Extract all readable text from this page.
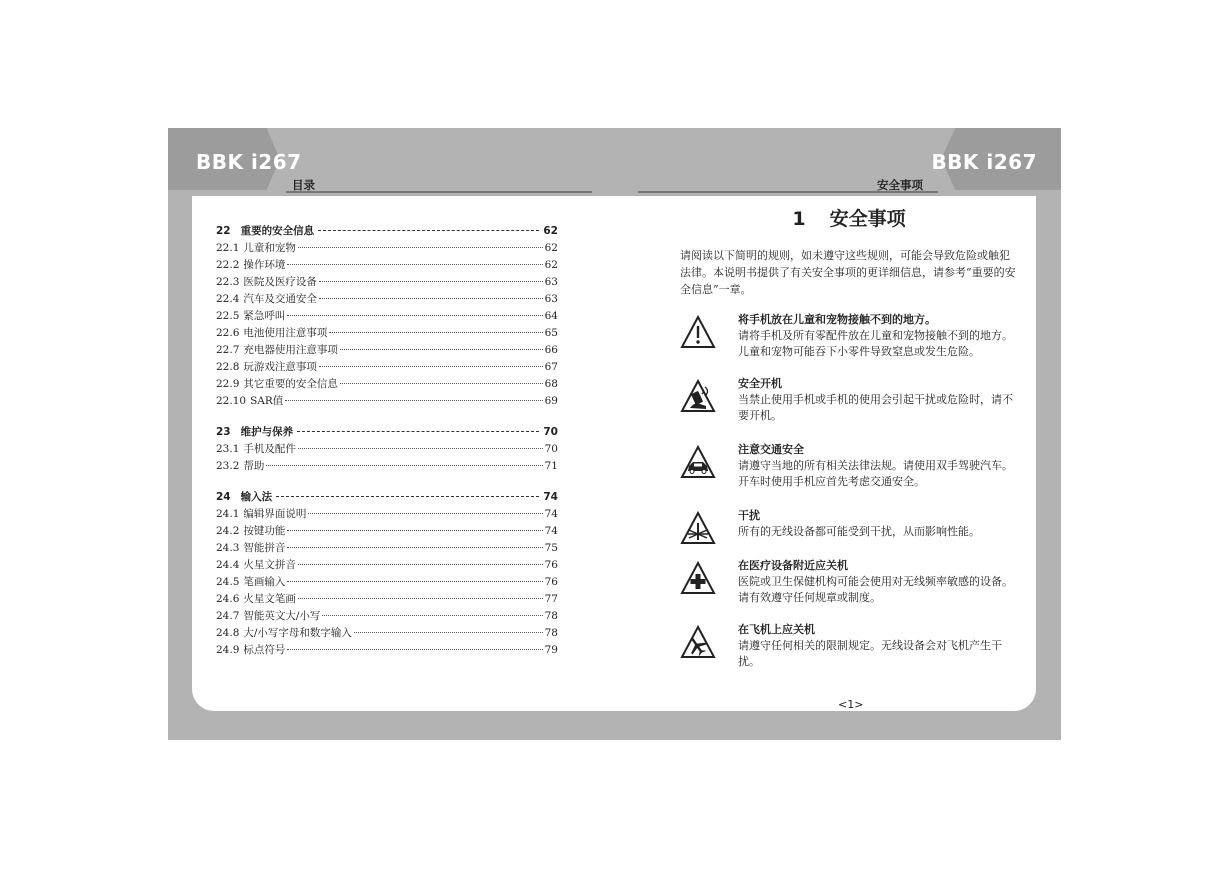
BBK i267	BBK i267
目录	安全事项
22 重要的安全信息	62
22.1 儿童和宠物	62
22.2 操作环境	62
22.3 医院及医疗设备	63
22.4 汽车及交通安全	63
22.5 紧急呼叫	64
22.6 电池使用注意事项	65
22.7 充电器使用注意事项	66
22.8 玩游戏注意事项	67
22.9 其它重要的安全信息	68
22.10 SAR值	69
23 维护与保养	70
23.1 手机及配件	70
23.2 帮助	71
24 输入法	74
24.1 编辑界面说明	74
24.2 按键功能	74
24.3 智能拼音	75
24.4 火星文拼音	76
24.5 笔画输入	76
24.6 火星文笔画	77
24.7 智能英文大/小写	78
24.8 大/小写字母和数字输入	78
24.9 标点符号	79
1 安全事项
请阅读以下简明的规则，如未遵守这些规则，可能会导致危险或触犯法律。本说明书提供了有关安全事项的更详细信息，请参考“重要的安全信息”一章。
将手机放在儿童和宠物接触不到的地方。
请将手机及所有零配件放在儿童和宠物接触不到的地方。儿童和宠物可能吞下小零件导致窒息或发生危险。
安全开机
当禁止使用手机或手机的使用会引起干扰或危险时，请不要开机。
注意交通安全
请遵守当地的所有相关法律法规。请使用双手驾驶汽车。开车时使用手机应首先考虑交通安全。
干扰
所有的无线设备都可能受到干扰，从而影响性能。
在医疗设备附近应关机
医院或卫生保健机构可能会使用对无线频率敏感的设备。请有效遵守任何规章或制度。
在飞机上应关机
请遵守任何相关的限制规定。无线设备会对飞机产生干扰。
<1>
